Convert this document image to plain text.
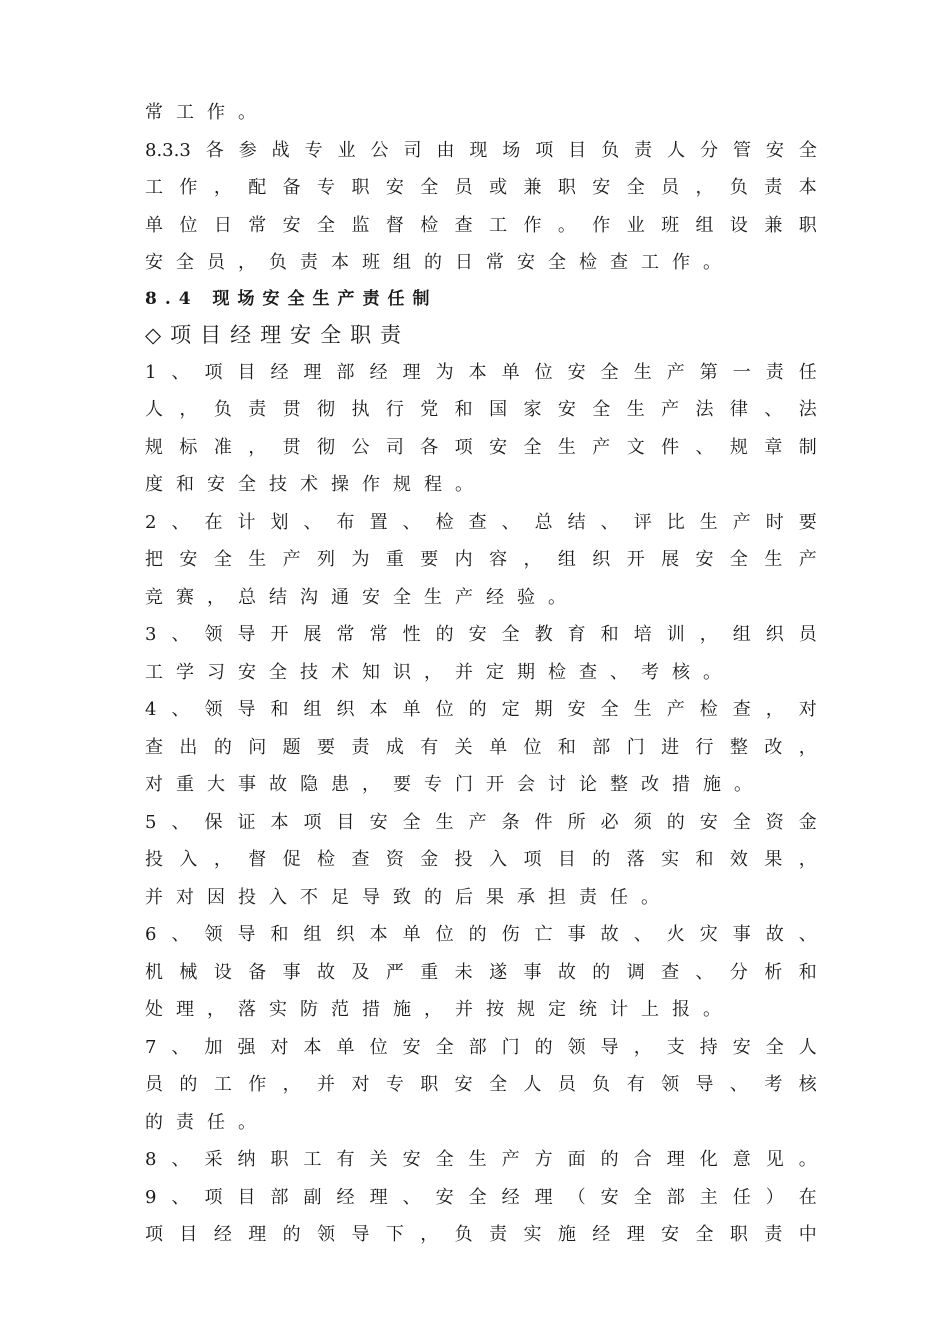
常工作。
8.3.3 各 参 战 专 业 公 司 由 现 场 项 目 负 责 人 分 管 安 全
工 作 ， 配 备 专 职 安 全 员 或 兼 职 安 全 员 ， 负 责 本
单 位 日 常 安 全 监 督 检 查 工 作 。 作 业 班 组 设 兼 职
安全员，负责本班组的日常安全检查工作。
8.4 现场安全生产责任制
◇项目经理安全职责
1 、 项 目 经 理 部 经 理 为 本 单 位 安 全 生 产 第 一 责 任
人 ， 负 责 贯 彻 执 行 党 和 国 家 安 全 生 产 法 律 、 法
规 标 准 ， 贯 彻 公 司 各 项 安 全 生 产 文 件 、 规 章 制
度和安全技术操作规程。
2 、 在 计 划 、 布 置 、 检 查 、 总 结 、 评 比 生 产 时 要
把 安 全 生 产 列 为 重 要 内 容 ， 组 织 开 展 安 全 生 产
竞赛，总结沟通安全生产经验。
3 、 领 导 开 展 常 常 性 的 安 全 教 育 和 培 训 ， 组 织 员
工学习安全技术知识，并定期检查、考核。
4 、 领 导 和 组 织 本 单 位 的 定 期 安 全 生 产 检 查 ， 对
查 出 的 问 题 要 责 成 有 关 单 位 和 部 门 进 行 整 改 ，
对重大事故隐患，要专门开会讨论整改措施。
5 、 保 证 本 项 目 安 全 生 产 条 件 所 必 须 的 安 全 资 金
投 入 ， 督 促 检 查 资 金 投 入 项 目 的 落 实 和 效 果 ，
并对因投入不足导致的后果承担责任。
6 、 领 导 和 组 织 本 单 位 的 伤 亡 事 故 、 火 灾 事 故 、
机 械 设 备 事 故 及 严 重 未 遂 事 故 的 调 查 、 分 析 和
处理，落实防范措施，并按规定统计上报。
7 、 加 强 对 本 单 位 安 全 部 门 的 领 导 ， 支 持 安 全 人
员 的 工 作 ， 并 对 专 职 安 全 人 员 负 有 领 导 、 考 核
的责任。
8 、 采 纳 职 工 有 关 安 全 生 产 方 面 的 合 理 化 意 见 。
9 、 项 目 部 副 经 理 、 安 全 经 理 （ 安 全 部 主 任 ） 在
项 目 经 理 的 领 导 下 ， 负 责 实 施 经 理 安 全 职 责 中
